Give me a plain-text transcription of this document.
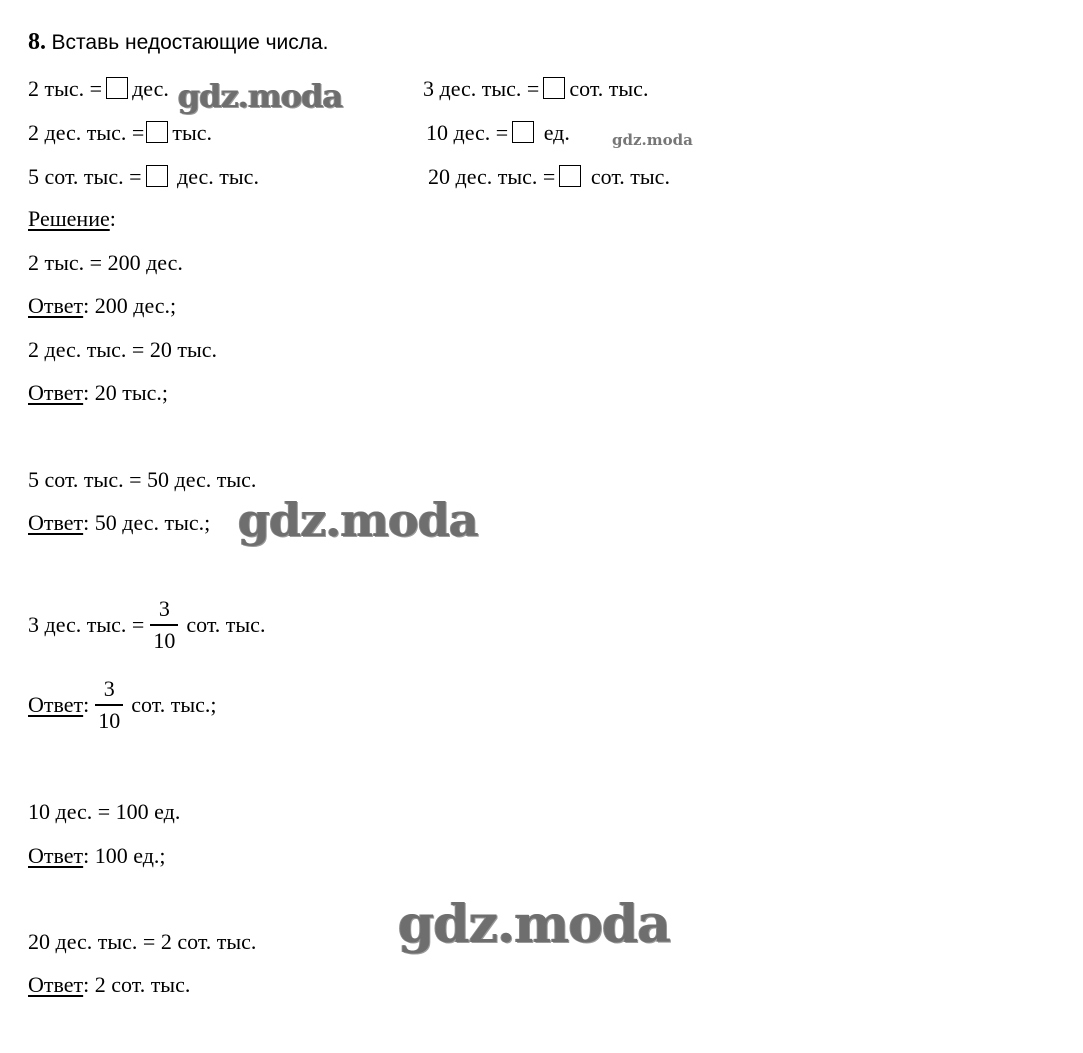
8. Вставь недостающие числа.
2 тыс. = дес.
2 дес. тыс. = тыс.
5 сот. тыс. = дес. тыс.
3 дес. тыс. = сот. тыс.
10 дес. = ед.
20 дес. тыс. = сот. тыс.
Решение:
2 тыс. = 200 дес.
Ответ: 200 дес.;
2 дес. тыс. = 20 тыс.
Ответ: 20 тыс.;
5 сот. тыс. = 50 дес. тыс.
Ответ: 50 дес. тыс.;
3 дес. тыс. = $\frac{3}{10}$ сот. тыс.
Ответ : $\frac{3}{10}$ сот. тыс.;
10 дес. = 100 ед.
Ответ: 100 ед.;
20 дес. тыс. = 2 сот. тыс.
Ответ: 2 сот. тыс.
gdz.moda
gdz.moda
gdz.moda
gdz.moda
